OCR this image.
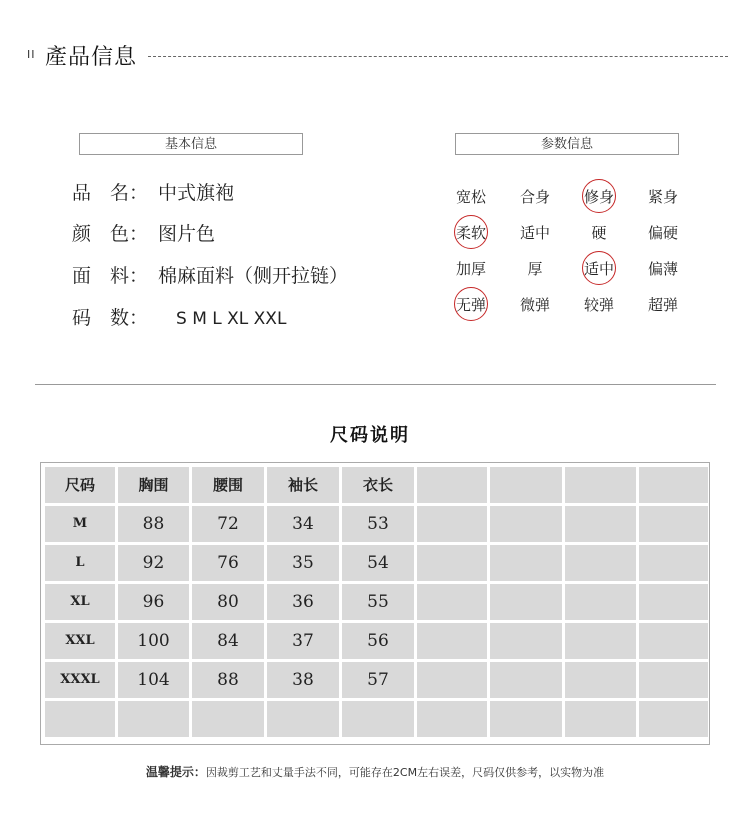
II 產品信息
基本信息	参数信息
品　名： 中式旗袍
颜　色： 图片色
面　料： 棉麻面料（侧开拉链）
码　数： S M L XL XXL
宽松	合身	修身	紧身
柔软	适中	硬	偏硬
加厚	厚	适中	偏薄
无弹	微弹	较弹	超弹
尺码说明
尺码	胸围	腰围	袖长	衣长
M	88	72	34	53
L	92	76	35	54
XL	96	80	36	55
XXL	100	84	37	56
XXXL	104	88	38	57
温馨提示：因裁剪工艺和丈量手法不同，可能存在2CM左右误差，尺码仅供参考，以实物为准
